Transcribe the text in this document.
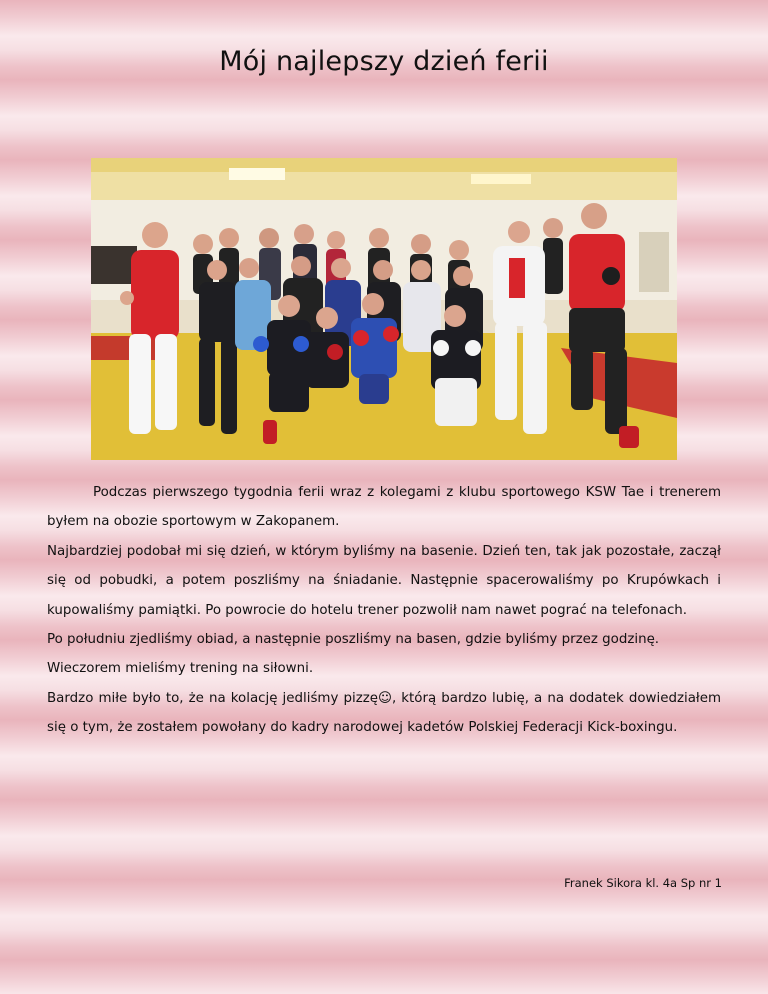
Mój najlepszy dzień ferii

Podczas pierwszego tygodnia ferii wraz z kolegami z klubu sportowego KSW Tae i trenerem byłem na obozie sportowym w Zakopanem.

Najbardziej podobał mi się dzień, w którym byliśmy na basenie. Dzień ten, tak jak pozostałe, zaczął się od pobudki, a potem poszliśmy na śniadanie. Następnie spacerowaliśmy po Krupówkach i kupowaliśmy pamiątki. Po powrocie do hotelu trener pozwolił nam nawet pograć na telefonach.

Po południu zjedliśmy obiad, a następnie poszliśmy na basen, gdzie byliśmy przez godzinę.

Wieczorem mieliśmy trening na siłowni.

Bardzo miłe było to, że na kolację jedliśmy pizzę☺, którą bardzo lubię, a na dodatek dowiedziałem się o tym, że zostałem powołany do kadry narodowej kadetów Polskiej Federacji Kick-boxingu.

Franek Sikora kl. 4a Sp nr 1
